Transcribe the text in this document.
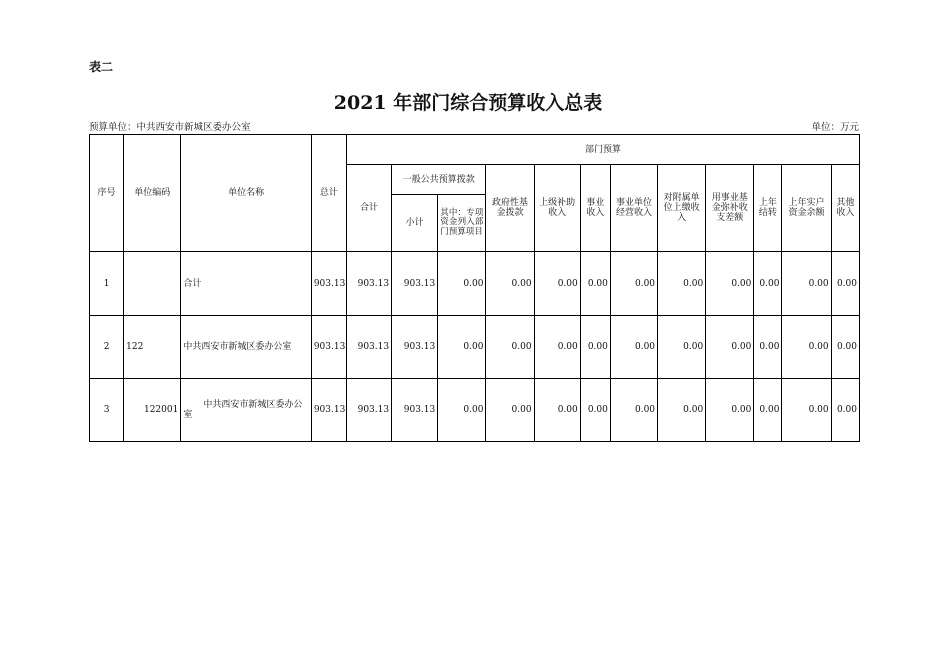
表二
2021 年部门综合预算收入总表
预算单位：中共西安市新城区委办公室	单位：万元
序号	单位编码	单位名称	总计	部门预算											
				合计	一般公共预算拨款		政府性基金拨款	上级补助收入	事业收入	事业单位经营收入	对附属单位上缴收入	用事业基金弥补收支差额	上年结转	上年实户资金余额	其他收入
					小计	其中：专项资金列入部门预算项目									
1		合计	903.13	903.13	903.13	0.00	0.00	0.00	0.00	0.00	0.00	0.00	0.00	0.00	0.00
2	122	中共西安市新城区委办公室	903.13	903.13	903.13	0.00	0.00	0.00	0.00	0.00	0.00	0.00	0.00	0.00	0.00
3	122001	中共西安市新城区委办公室	903.13	903.13	903.13	0.00	0.00	0.00	0.00	0.00	0.00	0.00	0.00	0.00	0.00
